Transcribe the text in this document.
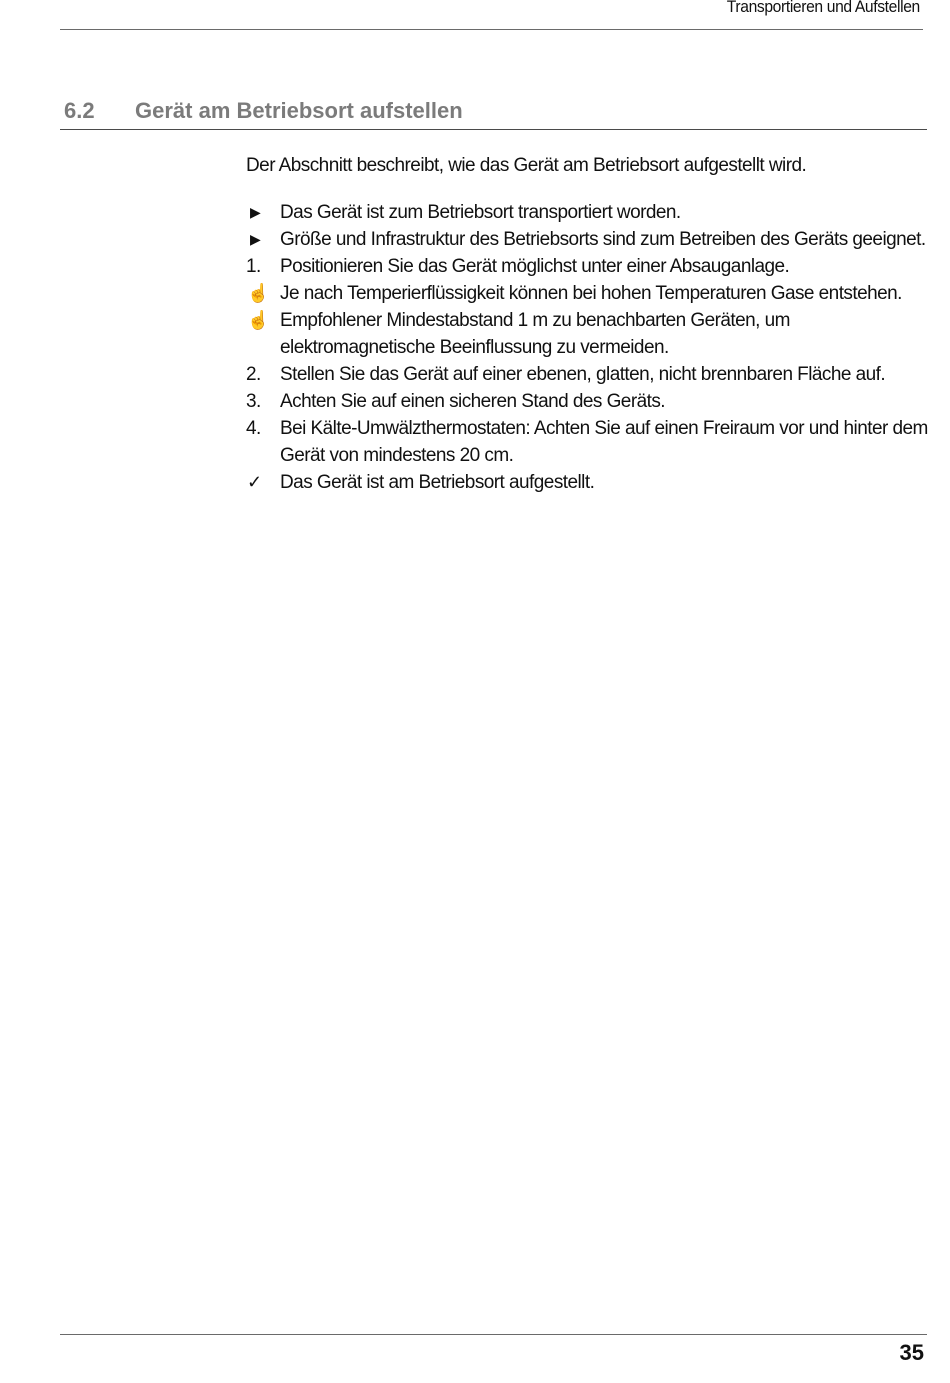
Transportieren und Aufstellen
6.2 Gerät am Betriebsort aufstellen

Der Abschnitt beschreibt, wie das Gerät am Betriebsort aufgestellt wird.

▶	Das Gerät ist zum Betriebsort transportiert worden.
▶	Größe und Infrastruktur des Betriebsorts sind zum Betreiben des Geräts geeignet.
1.	Positionieren Sie das Gerät möglichst unter einer Absauganlage.
☝ Je nach Temperierflüssigkeit können bei hohen Temperaturen Gase entstehen.
☝ Empfohlener Mindestabstand 1 m zu benachbarten Geräten, um elektromagnetische Beeinflussung zu vermeiden.
2.	Stellen Sie das Gerät auf einer ebenen, glatten, nicht brennbaren Fläche auf.
3.	Achten Sie auf einen sicheren Stand des Geräts.
4.	Bei Kälte-Umwälzthermostaten: Achten Sie auf einen Freiraum vor und hinter dem Gerät von mindestens 20 cm.
✓ Das Gerät ist am Betriebsort aufgestellt.
35
